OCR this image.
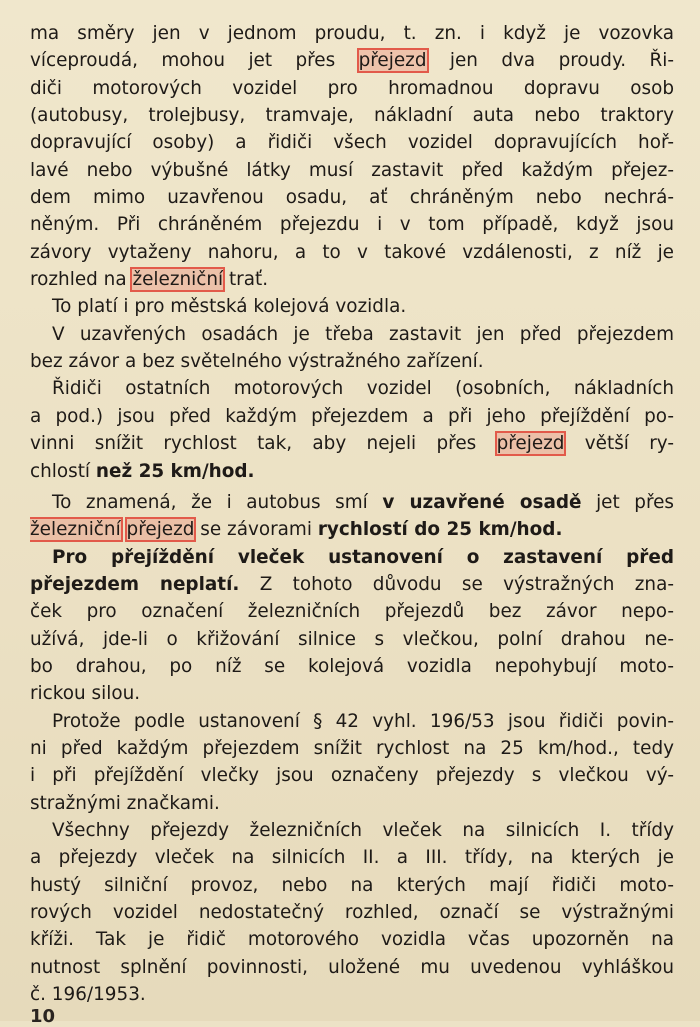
ma směry jen v jednom proudu, t. zn. i když je vozovka
víceproudá, mohou jet přes přejezd jen dva proudy. Ři-
diči motorových vozidel pro hromadnou dopravu osob
(autobusy, trolejbusy, tramvaje, nákladní auta nebo traktory
dopravující osoby) a řidiči všech vozidel dopravujících hoř-
lavé nebo výbušné látky musí zastavit před každým přejez-
dem mimo uzavřenou osadu, ať chráněným nebo nechrá-
něným. Při chráněném přejezdu i v tom případě, když jsou
závory vytaženy nahoru, a to v takové vzdálenosti, z níž je
rozhled na železniční trať.
To platí i pro městská kolejová vozidla.
V uzavřených osadách je třeba zastavit jen před přejezdem
bez závor a bez světelného výstražného zařízení.
Řidiči ostatních motorových vozidel (osobních, nákladních
a pod.) jsou před každým přejezdem a při jeho přejíždění po-
vinni snížit rychlost tak, aby nejeli přes přejezd větší ry-
chlostí než 25 km/hod.
To znamená, že i autobus smí v uzavřené osadě jet přes
železniční přejezd se závorami rychlostí do 25 km/hod.
Pro přejíždění vleček ustanovení o zastavení před
přejezdem neplatí. Z tohoto důvodu se výstražných zna-
ček pro označení železničních přejezdů bez závor nepo-
užívá, jde-li o křižování silnice s vlečkou, polní drahou ne-
bo drahou, po níž se kolejová vozidla nepohybují moto-
rickou silou.
Protože podle ustanovení § 42 vyhl. 196/53 jsou řidiči povin-
ni před každým přejezdem snížit rychlost na 25 km/hod., tedy
i při přejíždění vlečky jsou označeny přejezdy s vlečkou vý-
stražnými značkami.
Všechny přejezdy železničních vleček na silnicích I. třídy
a přejezdy vleček na silnicích II. a III. třídy, na kterých je
hustý silniční provoz, nebo na kterých mají řidiči moto-
rových vozidel nedostatečný rozhled, označí se výstražnými
kříži. Tak je řidič motorového vozidla včas upozorněn na
nutnost splnění povinnosti, uložené mu uvedenou vyhláškou
č. 196/1953.
10
